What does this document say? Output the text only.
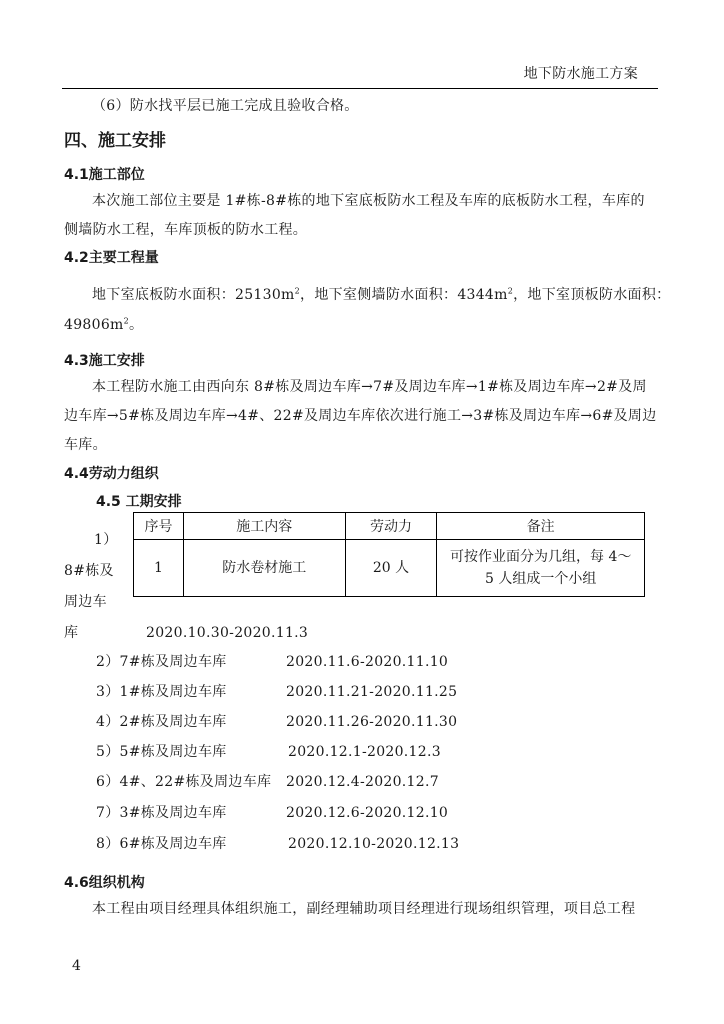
地下防水施工方案
（6）防水找平层已施工完成且验收合格。
四、施工安排
4.1施工部位
本次施工部位主要是 1#栋-8#栋的地下室底板防水工程及车库的底板防水工程，车库的
侧墙防水工程，车库顶板的防水工程。
4.2主要工程量
地下室底板防水面积：$25130m^2$，地下室侧墙防水面积：$4344m^2$，地下室顶板防水面积：
$49806m^2$。
4.3施工安排
本工程防水施工由西向东 8#栋及周边车库→7#及周边车库→1#栋及周边车库→2#及周
边车库→5#栋及周边车库→4#、22#及周边车库依次进行施工→3#栋及周边车库→6#及周边
车库。
4.4劳动力组织
4.5 工期安排
序号	施工内容	劳动力	备注
1	防水卷材施工	20 人	可按作业面分为几组，每 4～
5 人组成一个小组
1）
8#栋及
周边车
库	2020.10.30-2020.11.3
2）7#栋及周边车库	2020.11.6-2020.11.10
3）1#栋及周边车库	2020.11.21-2020.11.25
4）2#栋及周边车库	2020.11.26-2020.11.30
5）5#栋及周边车库	2020.12.1-2020.12.3
6）4#、22#栋及周边车库 2020.12.4-2020.12.7
7）3#栋及周边车库	2020.12.6-2020.12.10
8）6#栋及周边车库	2020.12.10-2020.12.13
4.6组织机构
本工程由项目经理具体组织施工，副经理辅助项目经理进行现场组织管理，项目总工程
4
